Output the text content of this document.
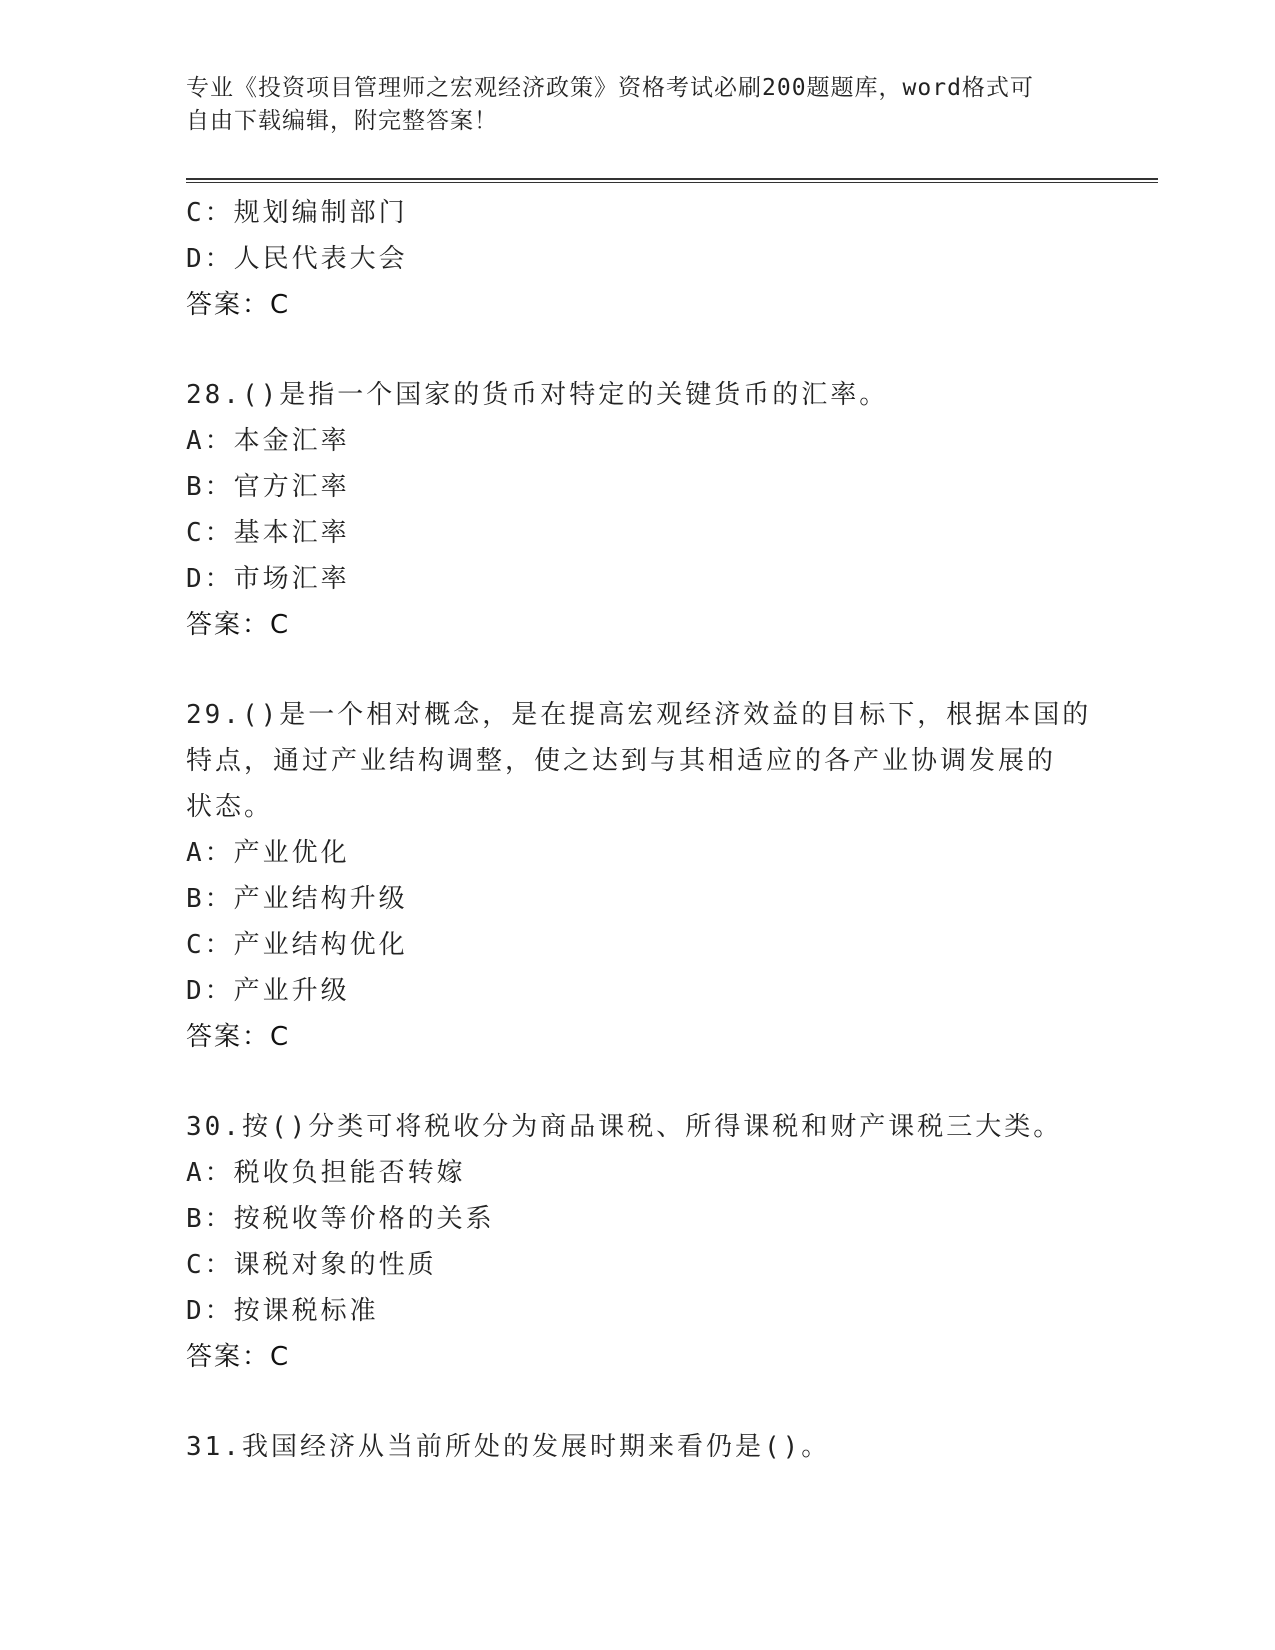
专业《投资项目管理师之宏观经济政策》资格考试必刷200题题库，word格式可
自由下载编辑，附完整答案！
C：规划编制部门
D：人民代表大会
答案：C
28.()是指一个国家的货币对特定的关键货币的汇率。
A：本金汇率
B：官方汇率
C：基本汇率
D：市场汇率
答案：C
29.()是一个相对概念，是在提高宏观经济效益的目标下，根据本国的
特点，通过产业结构调整，使之达到与其相适应的各产业协调发展的
状态。
A：产业优化
B：产业结构升级
C：产业结构优化
D：产业升级
答案：C
30.按()分类可将税收分为商品课税、所得课税和财产课税三大类。
A：税收负担能否转嫁
B：按税收等价格的关系
C：课税对象的性质
D：按课税标准
答案：C
31.我国经济从当前所处的发展时期来看仍是()。
